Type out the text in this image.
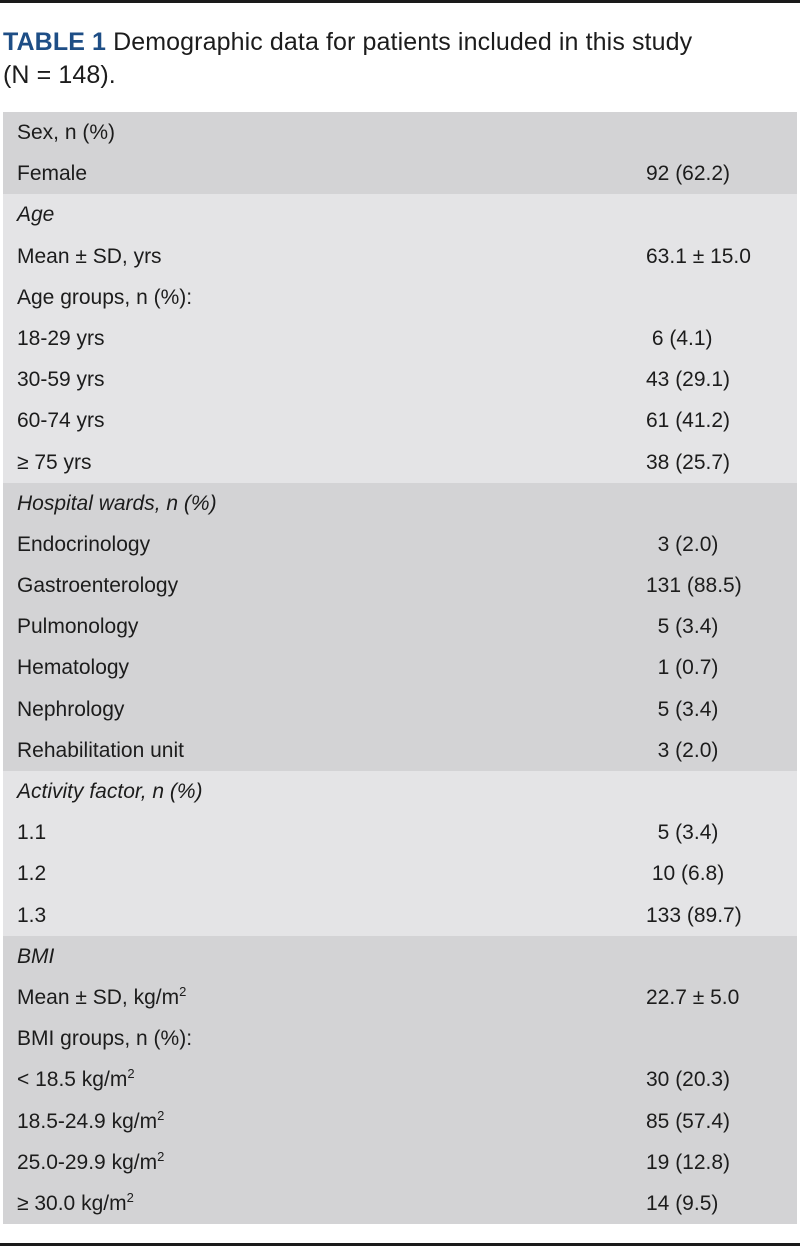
TABLE 1 Demographic data for patients included in this study
(N = 148).
Sex, n (%)
Female	92 (62.2)
Age
Mean ± SD, yrs	63.1 ± 15.0
Age groups, n (%):
18-29 yrs	6 (4.1)
30-59 yrs	43 (29.1)
60-74 yrs	61 (41.2)
≥ 75 yrs	38 (25.7)
Hospital wards, n (%)
Endocrinology	3 (2.0)
Gastroenterology	131 (88.5)
Pulmonology	5 (3.4)
Hematology	1 (0.7)
Nephrology	5 (3.4)
Rehabilitation unit	3 (2.0)
Activity factor, n (%)
1.1	5 (3.4)
1.2	10 (6.8)
1.3	133 (89.7)
BMI
Mean ± SD, $kg/m^2$	22.7 ± 5.0
BMI groups, n (%):
< 18.5 $kg/m^2$	30 (20.3)
18.5-24.9 $kg/m^2$	85 (57.4)
25.0-29.9 $kg/m^2$	19 (12.8)
≥ 30.0 $kg/m^2$	14 (9.5)
